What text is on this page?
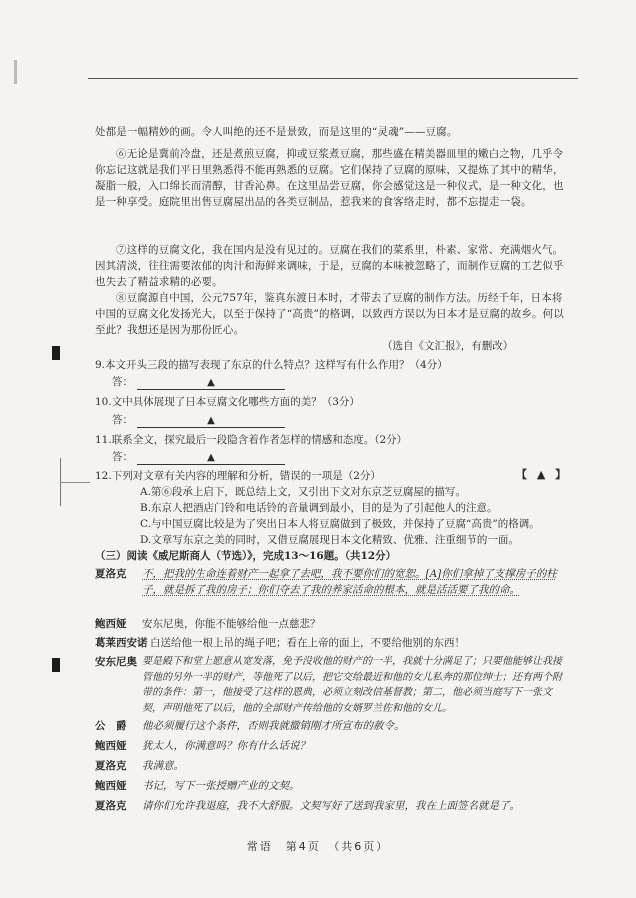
处都是一幅精妙的画。令人叫绝的还不是景致，而是这里的“灵魂”——豆腐。

⑥无论是冀前冷盘，还是煮煎豆腐，抑或豆浆煮豆腐，那些盛在精美器皿里的嫩白之物，几乎令你忘记这就是我们平日里熟悉得不能再熟悉的豆腐。它们保持了豆腐的原味，又提炼了其中的精华，凝脂一般，入口绵长而清醇，甘香沁鼻。在这里品尝豆腐，你会感觉这是一种仪式，是一种文化，也是一种享受。庭院里出售豆腐屋出品的各类豆制品，惹我来的食客络走时，都不忘提走一袋。

⑦这样的豆腐文化，我在国内是没有见过的。豆腐在我们的菜系里，朴素、家常、充满烟火气。因其清淡，往往需要浓郁的肉汁和海鲜来调味，于是，豆腐的本味被忽略了，而制作豆腐的工艺似乎也失去了精益求精的必要。

⑧豆腐源自中国，公元757年，鉴真东渡日本时，才带去了豆腐的制作方法。历经千年，日本将中国的豆腐文化发扬光大，以至于保持了“高贵”的格调，以致西方误以为日本才是豆腐的故乡。何以至此？我想还是因为那份匠心。

（选自《文汇报》，有删改）
9.本文开头三段的描写表现了东京的什么特点？这样写有什么作用？（4分）
答：	▲
10.文中具体展现了日本豆腐文化哪些方面的美？（3分）
答：	▲
11.联系全文，探究最后一段隐含着作者怎样的情感和态度。（2分）
答：	▲
12.下列对文章有关内容的理解和分析，错误的一项是（2分）	【 ▲ 】
A.第⑥段承上启下，既总结上文，又引出下文对东京芝豆腐屋的描写。
B.东京人把酒店门铃和电话铃的音量调到最小，目的是为了引起他人的注意。
C.与中国豆腐比较是为了突出日本人将豆腐做到了极致，并保持了豆腐“高贵”的格调。
D.文章写东京之美的同时，又借豆腐展现日本文化精致、优雅、注重细节的一面。
（三）阅读《威尼斯商人（节选）》，完成13～16题。（共12分）
夏洛克	不，把我的生命连着财产一起拿了去吧，我不要你们的宽恕。[A]你们拿掉了支撑房子的柱子，就是拆了我的房子；你们夺去了我的养家活命的根本，就是活活要了我的命。

鲍西娅	安东尼奥，你能不能够给他一点慈悲？

葛莱西安诺 白送给他一根上吊的绳子吧；看在上帝的面上，不要给他别的东西！

安东尼奥 要是殿下和堂上愿意从宽发落，免予没收他的财产的一半，我就十分满足了；只要他能够让我接管他的另外一半的财产，等他死了以后，把它交给最近和他的女儿私奔的那位绅士；还有两个附带的条件：第一，他接受了这样的恩典，必须立刻改信基督教；第二，他必须当庭写下一张文契，声明他死了以后，他的全部财产传给他的女婿罗兰佐和他的女儿。

公　爵	他必须履行这个条件，否则我就撤销刚才所宣布的赦令。

鲍西娅	犹太人，你满意吗？你有什么话说？

夏洛克	我满意。

鲍西娅	书记，写下一张授赠产业的文契。

夏洛克	请你们允许我退庭，我不大舒服。文契写好了送到我家里，我在上面签名就是了。

常语　第4页　（共6页）
